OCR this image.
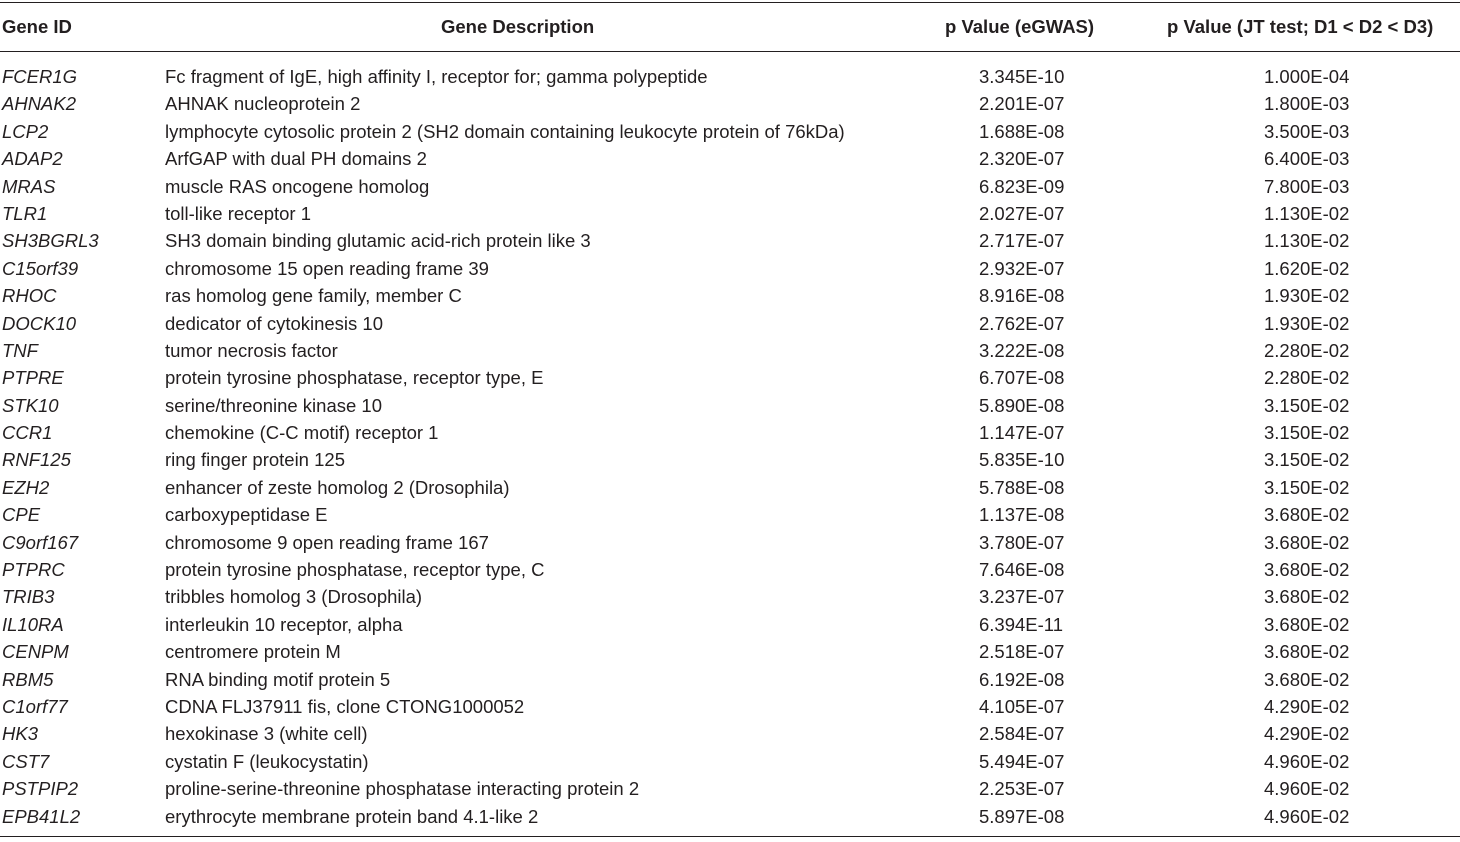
Gene ID	Gene Description	p Value (eGWAS)	p Value (JT test; D1 < D2 < D3)
FCER1G	Fc fragment of IgE, high affinity I, receptor for; gamma polypeptide	3.345E-10	1.000E-04
AHNAK2	AHNAK nucleoprotein 2	2.201E-07	1.800E-03
LCP2	lymphocyte cytosolic protein 2 (SH2 domain containing leukocyte protein of 76kDa)	1.688E-08	3.500E-03
ADAP2	ArfGAP with dual PH domains 2	2.320E-07	6.400E-03
MRAS	muscle RAS oncogene homolog	6.823E-09	7.800E-03
TLR1	toll-like receptor 1	2.027E-07	1.130E-02
SH3BGRL3	SH3 domain binding glutamic acid-rich protein like 3	2.717E-07	1.130E-02
C15orf39	chromosome 15 open reading frame 39	2.932E-07	1.620E-02
RHOC	ras homolog gene family, member C	8.916E-08	1.930E-02
DOCK10	dedicator of cytokinesis 10	2.762E-07	1.930E-02
TNF	tumor necrosis factor	3.222E-08	2.280E-02
PTPRE	protein tyrosine phosphatase, receptor type, E	6.707E-08	2.280E-02
STK10	serine/threonine kinase 10	5.890E-08	3.150E-02
CCR1	chemokine (C-C motif) receptor 1	1.147E-07	3.150E-02
RNF125	ring finger protein 125	5.835E-10	3.150E-02
EZH2	enhancer of zeste homolog 2 (Drosophila)	5.788E-08	3.150E-02
CPE	carboxypeptidase E	1.137E-08	3.680E-02
C9orf167	chromosome 9 open reading frame 167	3.780E-07	3.680E-02
PTPRC	protein tyrosine phosphatase, receptor type, C	7.646E-08	3.680E-02
TRIB3	tribbles homolog 3 (Drosophila)	3.237E-07	3.680E-02
IL10RA	interleukin 10 receptor, alpha	6.394E-11	3.680E-02
CENPM	centromere protein M	2.518E-07	3.680E-02
RBM5	RNA binding motif protein 5	6.192E-08	3.680E-02
C1orf77	CDNA FLJ37911 fis, clone CTONG1000052	4.105E-07	4.290E-02
HK3	hexokinase 3 (white cell)	2.584E-07	4.290E-02
CST7	cystatin F (leukocystatin)	5.494E-07	4.960E-02
PSTPIP2	proline-serine-threonine phosphatase interacting protein 2	2.253E-07	4.960E-02
EPB41L2	erythrocyte membrane protein band 4.1-like 2	5.897E-08	4.960E-02
